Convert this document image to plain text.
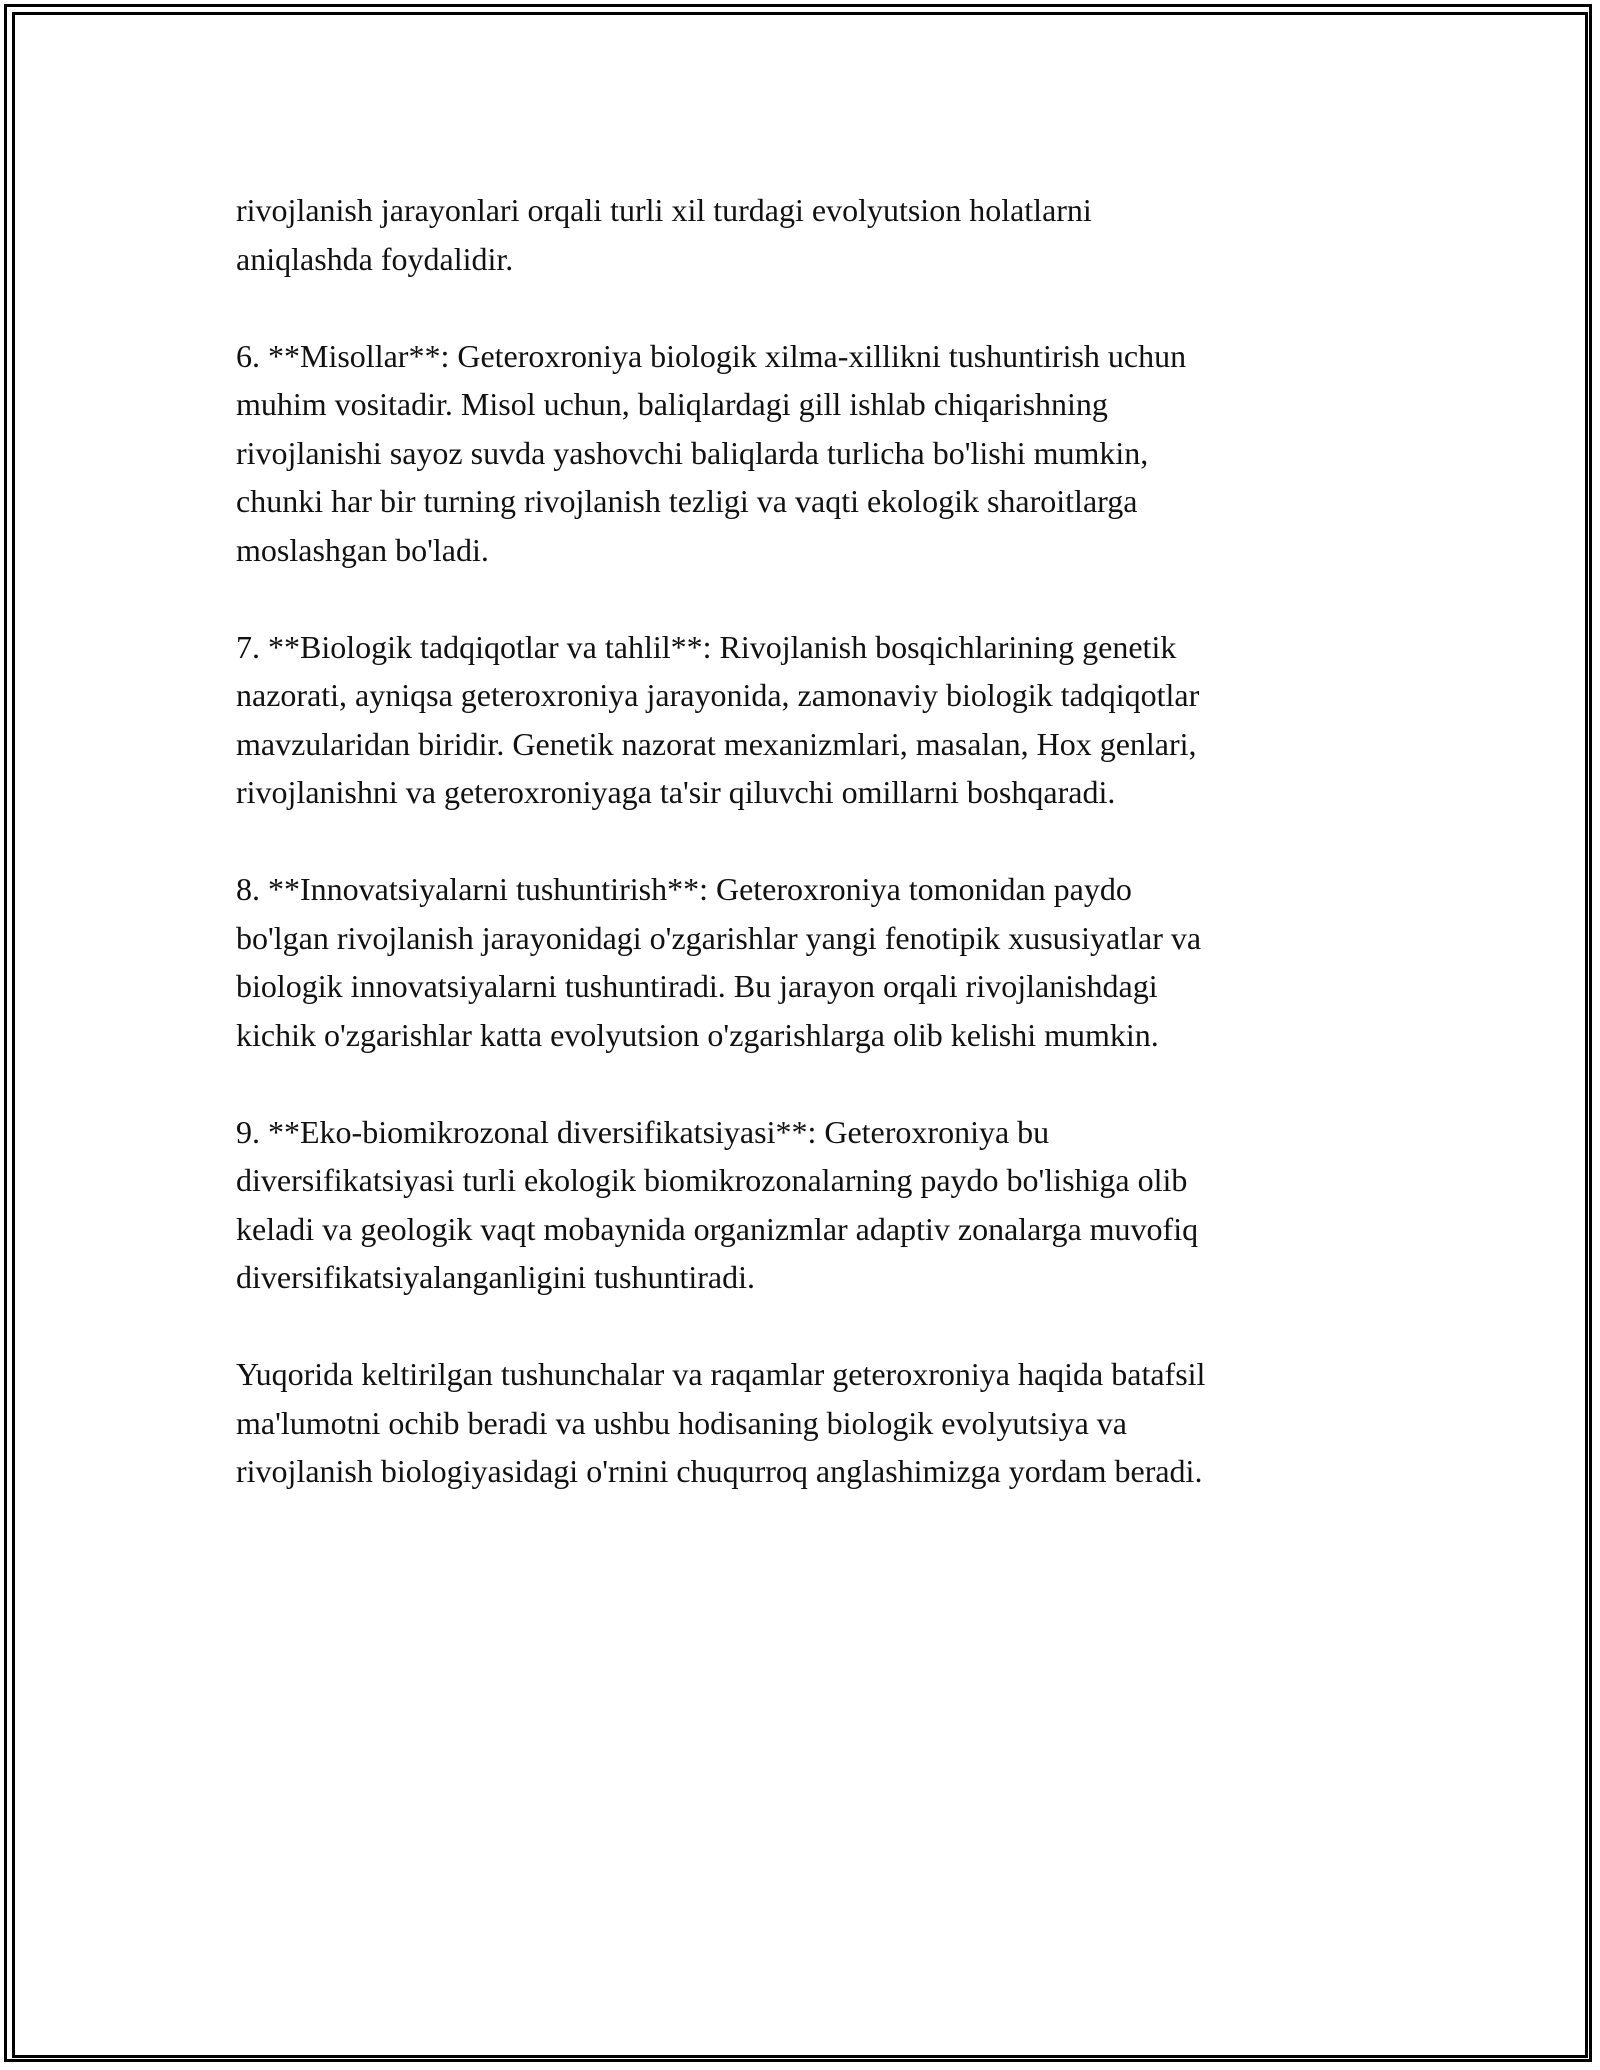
rivojlanish jarayonlari orqali turli xil turdagi evolyutsion holatlarni
aniqlashda foydalidir.

6. **Misollar**: Geteroxroniya biologik xilma-xillikni tushuntirish uchun
muhim vositadir. Misol uchun, baliqlardagi gill ishlab chiqarishning
rivojlanishi sayoz suvda yashovchi baliqlarda turlicha bo'lishi mumkin,
chunki har bir turning rivojlanish tezligi va vaqti ekologik sharoitlarga
moslashgan bo'ladi.

7. **Biologik tadqiqotlar va tahlil**: Rivojlanish bosqichlarining genetik
nazorati, ayniqsa geteroxroniya jarayonida, zamonaviy biologik tadqiqotlar
mavzularidan biridir. Genetik nazorat mexanizmlari, masalan, Hox genlari,
rivojlanishni va geteroxroniyaga ta'sir qiluvchi omillarni boshqaradi.

8. **Innovatsiyalarni tushuntirish**: Geteroxroniya tomonidan paydo
bo'lgan rivojlanish jarayonidagi o'zgarishlar yangi fenotipik xususiyatlar va
biologik innovatsiyalarni tushuntiradi. Bu jarayon orqali rivojlanishdagi
kichik o'zgarishlar katta evolyutsion o'zgarishlarga olib kelishi mumkin.

9. **Eko-biomikrozonal diversifikatsiyasi**: Geteroxroniya bu
diversifikatsiyasi turli ekologik biomikrozonalarning paydo bo'lishiga olib
keladi va geologik vaqt mobaynida organizmlar adaptiv zonalarga muvofiq
diversifikatsiyalanganligini tushuntiradi.

Yuqorida keltirilgan tushunchalar va raqamlar geteroxroniya haqida batafsil
ma'lumotni ochib beradi va ushbu hodisaning biologik evolyutsiya va
rivojlanish biologiyasidagi o'rnini chuqurroq anglashimizga yordam beradi.
